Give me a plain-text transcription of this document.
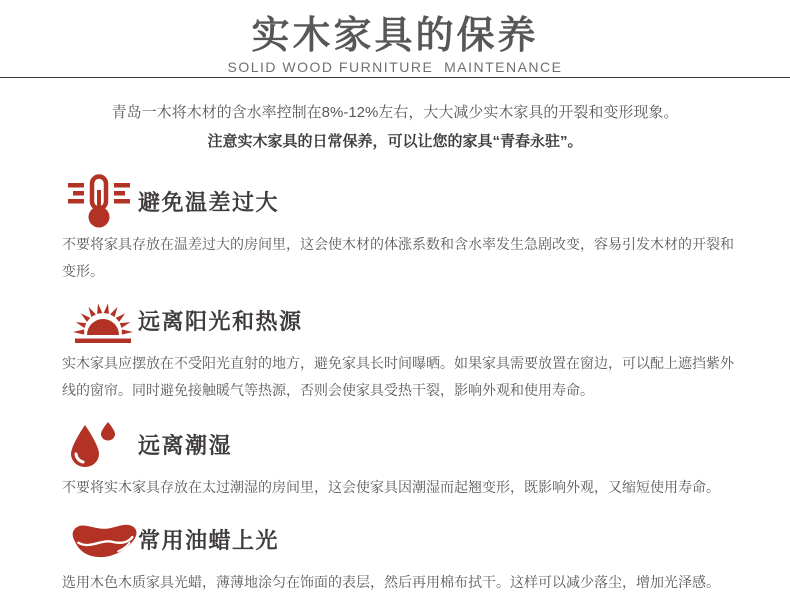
实木家具的保养
SOLID WOOD FURNITURE  MAINTENANCE
青岛一木将木材的含水率控制在8%-12%左右，大大减少实木家具的开裂和变形现象。
注意实木家具的日常保养，可以让您的家具“青春永驻”。
避免温差过大
不要将家具存放在温差过大的房间里，这会使木材的体涨系数和含水率发生急剧改变，容易引发木材的开裂和变形。
远离阳光和热源
实木家具应摆放在不受阳光直射的地方，避免家具长时间曝晒。如果家具需要放置在窗边，可以配上遮挡紫外线的窗帘。同时避免接触暖气等热源，否则会使家具受热干裂，影响外观和使用寿命。
远离潮湿
不要将实木家具存放在太过潮湿的房间里，这会使家具因潮湿而起翘变形，既影响外观，又缩短使用寿命。
常用油蜡上光
选用木色木质家具光蜡，薄薄地涂匀在饰面的表层，然后再用棉布拭干。这样可以减少落尘，增加光泽感。
